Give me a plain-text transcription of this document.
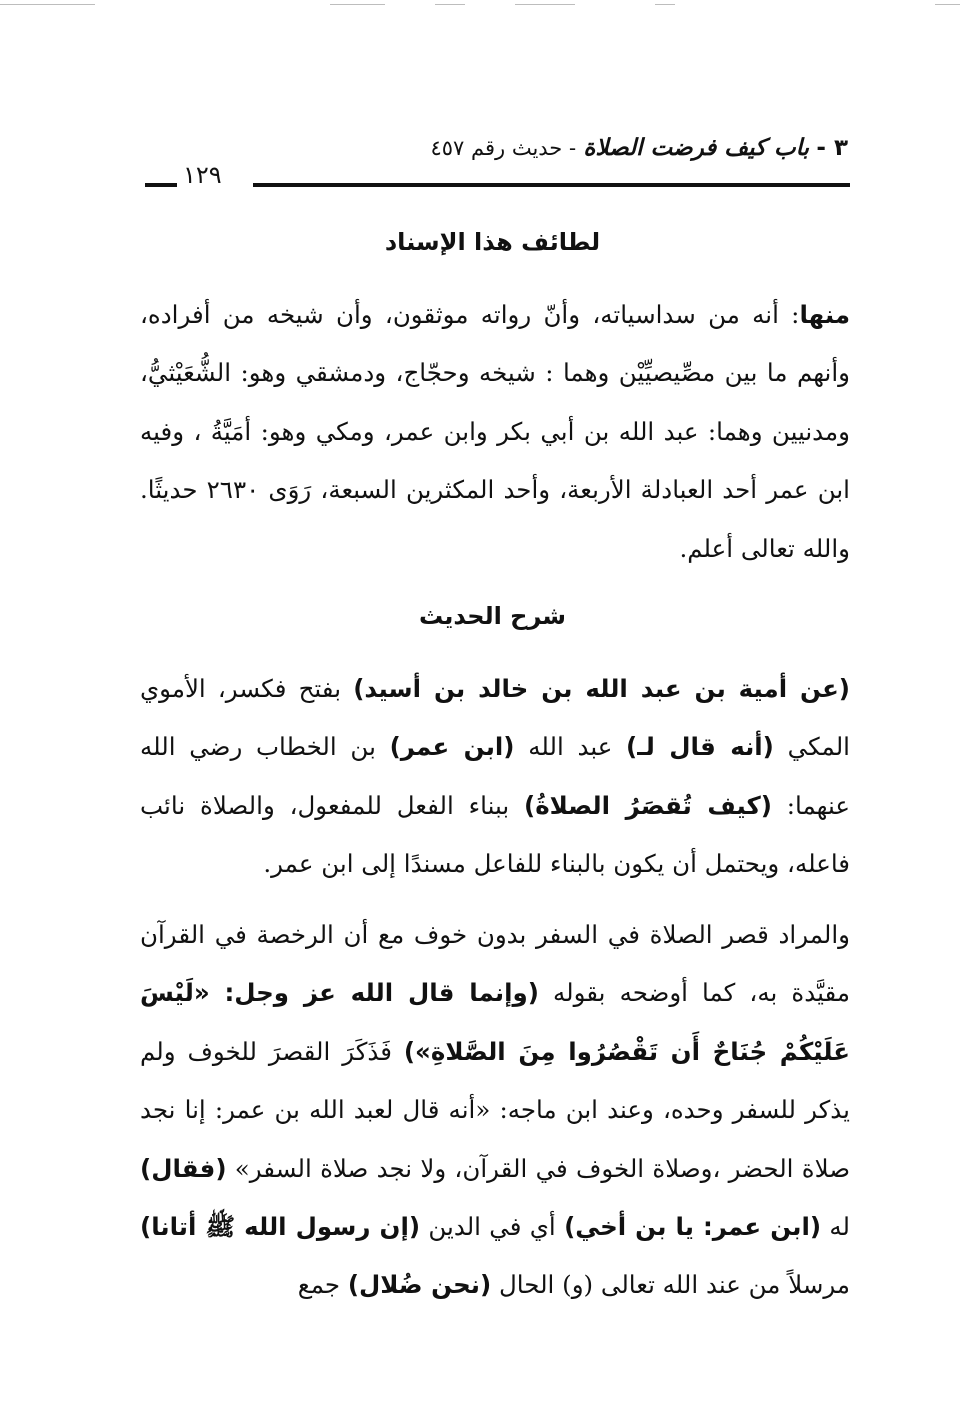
٣ - باب كيف فرضت الصلاة - حديث رقم ٤٥٧
١٢٩
لطائف هذا الإسناد

منها: أنه من سداسياته، وأنّ رواته موثقون، وأن شيخه من أفراده، وأنهم ما بين مصِّيصيِّيْن وهما : شيخه وحجّاج، ودمشقي وهو: الشُّعَيْثيُّ، ومدنيين وهما: عبد الله بن أبي بكر وابن عمر، ومكي وهو: أمَيَّةُ ، وفيه ابن عمر أحد العبادلة الأربعة، وأحد المكثرين السبعة، رَوَى ٢٦٣٠ حديثًا. والله تعالى أعلم.

شرح الحديث

(عن أمية بن عبد الله بن خالد بن أسيد) بفتح فكسر، الأموي المكي (أنه قال لـ) عبد الله (ابن عمر) بن الخطاب رضي الله عنهما: (كيف تُقصَرُ الصلاةُ) ببناء الفعل للمفعول، والصلاة نائب فاعله، ويحتمل أن يكون بالبناء للفاعل مسندًا إلى ابن عمر.

والمراد قصر الصلاة في السفر بدون خوف مع أن الرخصة في القرآن مقيَّدة به، كما أوضحه بقوله (وإنما قال الله عز وجل: «لَيْسَ عَلَيْكُمْ جُنَاحٌ أَن تَقْصُرُوا مِنَ الصَّلاةِ») فَذَكَرَ القصرَ للخوف ولم يذكر للسفر وحده، وعند ابن ماجه: «أنه قال لعبد الله بن عمر: إنا نجد صلاة الحضر ،وصلاة الخوف في القرآن، ولا نجد صلاة السفر» (فقال) له (ابن عمر: يا بن أخي) أي في الدين (إن رسول الله ﷺ أتانا) مرسلاً من عند الله تعالى (و) الحال (نحن ضُلال) جمع
